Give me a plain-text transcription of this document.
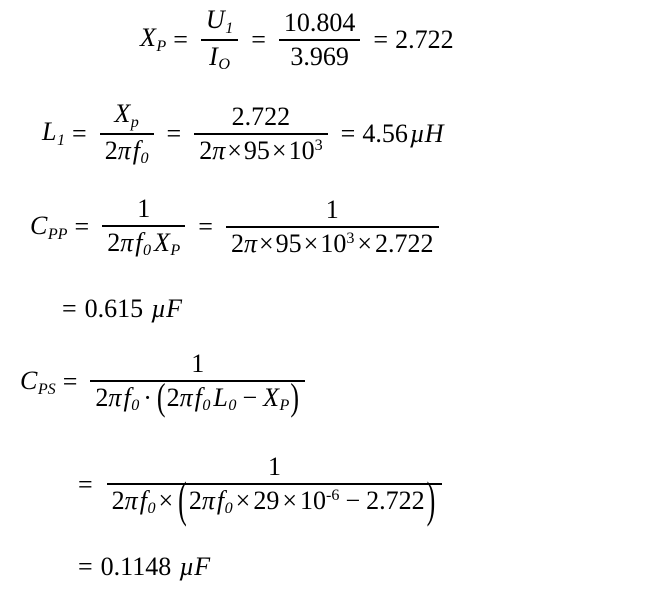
XP = $\frac{U1}{IO} = \frac{10.804}{3.969} = 2.722$
$L1 = \frac{Xp}{2\pi f0} = \frac{2.722}{2\pi\times 95\times 103} = 4.56$ µH
CPP = $\frac{1}{2\pi f0 XP} = \frac{1}{2\pi\times 95\times 103 \times 2.722}$
= 0.615 µF
CPS = $\frac{1}{2\pi f0 \cdot (2\pi f0 L0 - XP)}$
= $\frac{1}{2\pi f0 \times (2\pi f0 \times 29 \times 10-6 - 2.722)}$
= 0.1148 µF
